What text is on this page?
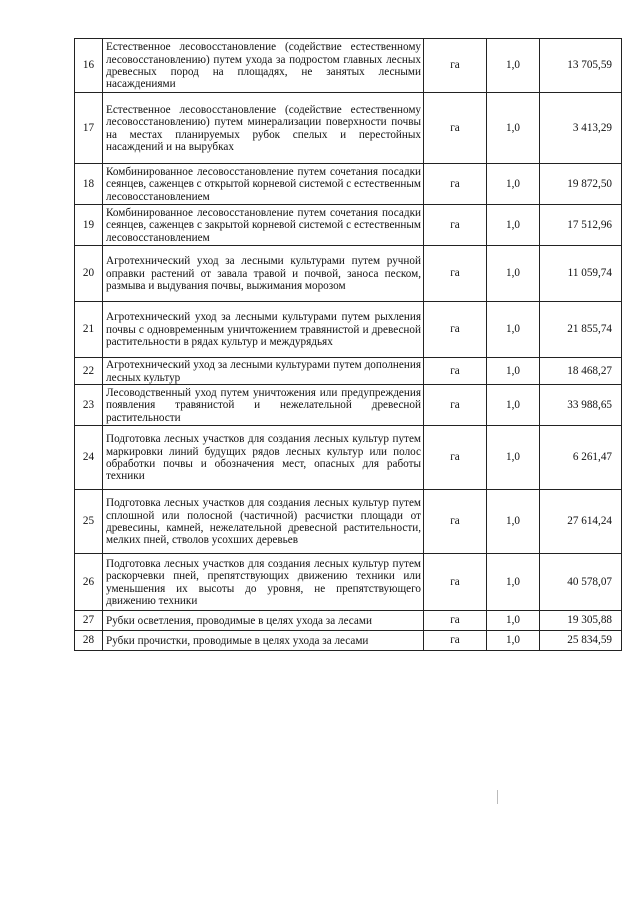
16	Естественное лесовосстановление (содействие естественному лесовосстановлению) путем ухода за подростом главных лесных древесных пород на площадях, не занятых лесными насаждениями	га	1,0	13 705,59
17	Естественное лесовосстановление (содействие естественному лесовосстановлению) путем минерализации поверхности почвы на местах планируемых рубок спелых и перестойных насаждений и на вырубках	га	1,0	3 413,29
18	Комбинированное лесовосстановление путем сочетания посадки сеянцев, саженцев с открытой корневой системой с естественным лесовосстановлением	га	1,0	19 872,50
19	Комбинированное лесовосстановление путем сочетания посадки сеянцев, саженцев с закрытой корневой системой с естественным лесовосстановлением	га	1,0	17 512,96
20	Агротехнический уход за лесными культурами путем ручной оправки растений от завала травой и почвой, заноса песком, размыва и выдувания почвы, выжимания морозом	га	1,0	11 059,74
21	Агротехнический уход за лесными культурами путем рыхления почвы с одновременным уничтожением травянистой и древесной растительности в рядах культур и междурядьях	га	1,0	21 855,74
22	Агротехнический уход за лесными культурами путем дополнения лесных культур	га	1,0	18 468,27
23	Лесоводственный уход путем уничтожения или предупреждения появления травянистой и нежелательной древесной растительности	га	1,0	33 988,65
24	Подготовка лесных участков для создания лесных культур путем маркировки линий будущих рядов лесных культур или полос обработки почвы и обозначения мест, опасных для работы техники	га	1,0	6 261,47
25	Подготовка лесных участков для создания лесных культур путем сплошной или полосной (частичной) расчистки площади от древесины, камней, нежелательной древесной растительности, мелких пней, стволов усохших деревьев	га	1,0	27 614,24
26	Подготовка лесных участков для создания лесных культур путем раскорчевки пней, препятствующих движению техники или уменьшения их высоты до уровня, не препятствующего движению техники	га	1,0	40 578,07
27	Рубки осветления, проводимые в целях ухода за лесами	га	1,0	19 305,88
28	Рубки прочистки, проводимые в целях ухода за лесами	га	1,0	25 834,59
